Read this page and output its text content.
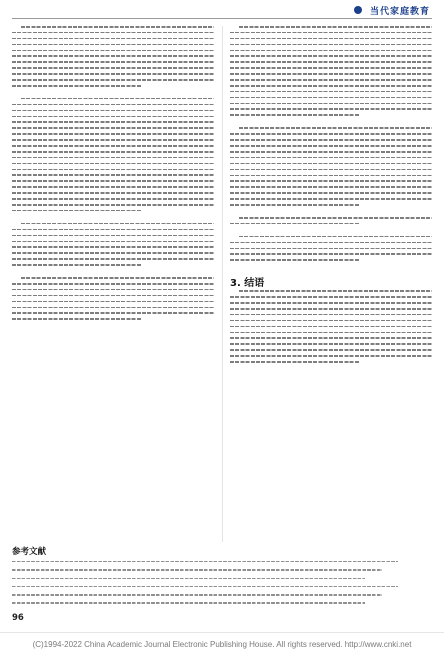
当代家庭教育
3. 结语
参考文献
96
(C)1994-2022 China Academic Journal Electronic Publishing House. All rights reserved. http://www.cnki.net
